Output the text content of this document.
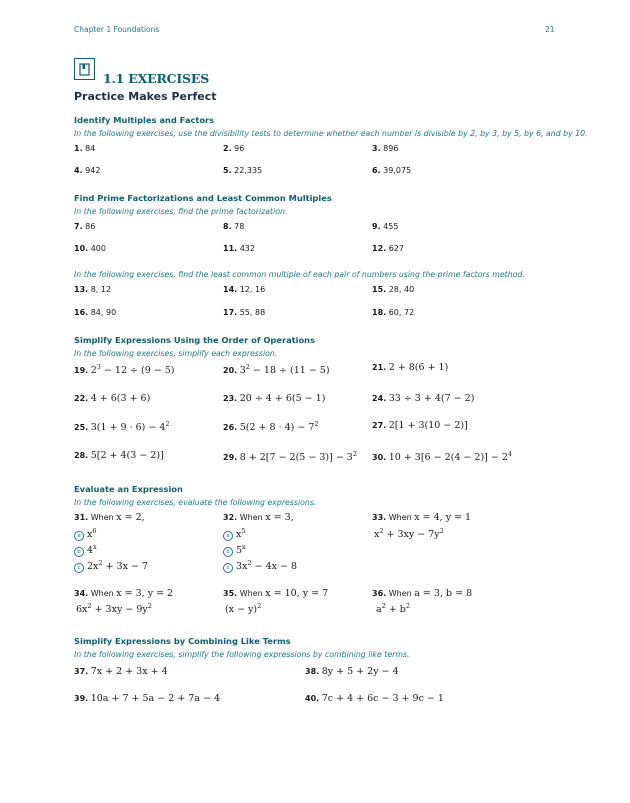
Chapter 1 Foundations	21
1.1 EXERCISES
Practice Makes Perfect
Identify Multiples and Factors
In the following exercises, use the divisibility tests to determine whether each number is divisible by 2, by 3, by 5, by 6, and by 10.
1. 84	2. 96	3. 896
4. 942	5. 22,335	6. 39,075
Find Prime Factorizations and Least Common Multiples
In the following exercises, find the prime factorization.
7. 86	8. 78	9. 455
10. 400	11. 432	12. 627
In the following exercises, find the least common multiple of each pair of numbers using the prime factors method.
13. 8, 12	14. 12, 16	15. 28, 40
16. 84, 90	17. 55, 88	18. 60, 72
Simplify Expressions Using the Order of Operations
In the following exercises, simplify each expression.
19. $2^3 - 12 \div (9 - 5)$	20. $3^2 - 18 \div (11 - 5)$	21. 2 + 8(6 + 1)
22. 4 + 6(3 + 6)	23. 20 ÷ 4 + 6(5 − 1)	24. 33 ÷ 3 + 4(7 − 2)
25. $3(1 + 9 \cdot 6) - 4^2$	26. $5(2 + 8 \cdot 4) - 7^2$	27. 2[1 + 3(10 − 2)]
28. 5[2 + 4(3 − 2)]	29. $8 + 2[7 - 2(5 - 3)] - 3^2$ 30. $10 + 3[6 - 2(4 - 2)] - 2^4$
Evaluate an Expression
In the following exercises, evaluate the following expressions.
31. When x = 2,
a $x^6$
b 4$^x$
c $2x^2 + 3x - 7$
32. When x = 3,
a $x^5$
b 5$^x$
c $3x^2 - 4x - 8$
33. When x = 4, y = 1
$x^2 + 3xy - 7y^2$
34. When x = 3, y = 2
$6x^2 + 3xy - 9y^2$
35. When x = 10, y = 7
$(x - y)^2$
36. When a = 3, b = 8
$a^2 + b^2$
Simplify Expressions by Combining Like Terms
In the following exercises, simplify the following expressions by combining like terms.
37. 7x + 2 + 3x + 4	38. 8y + 5 + 2y − 4
39. 10a + 7 + 5a − 2 + 7a − 4	40. 7c + 4 + 6c − 3 + 9c − 1
